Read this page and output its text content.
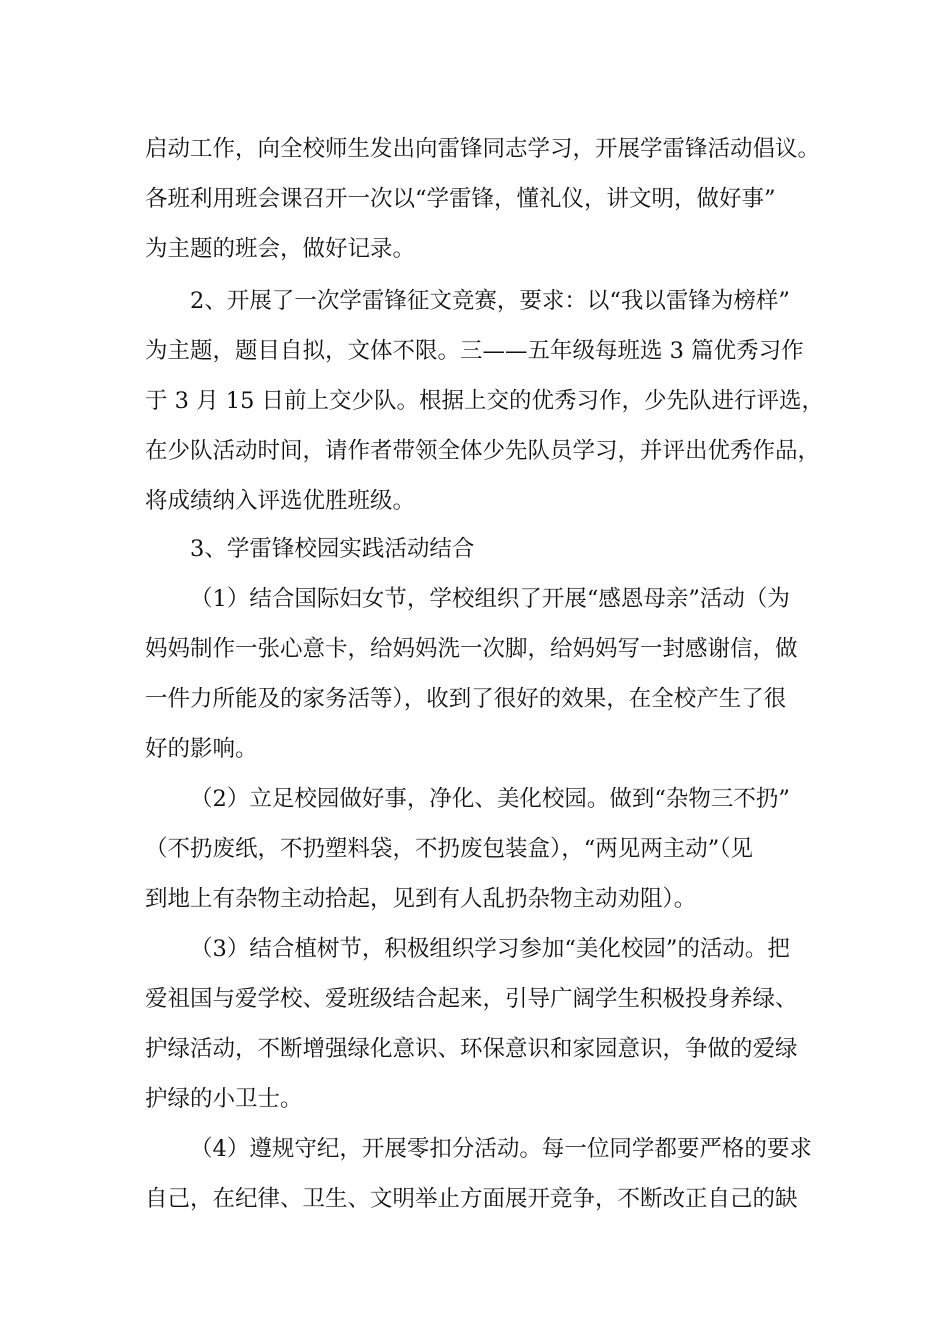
启动工作，向全校师生发出向雷锋同志学习，开展学雷锋活动倡议。
各班利用班会课召开一次以“学雷锋，懂礼仪，讲文明，做好事”
为主题的班会，做好记录。
2、开展了一次学雷锋征文竞赛，要求：以“我以雷锋为榜样”
为主题，题目自拟，文体不限。三——五年级每班选 3 篇优秀习作
于 3 月 15 日前上交少队。根据上交的优秀习作，少先队进行评选，
在少队活动时间，请作者带领全体少先队员学习，并评出优秀作品，
将成绩纳入评选优胜班级。
3、学雷锋校园实践活动结合
（1）结合国际妇女节，学校组织了开展“感恩母亲”活动（为
妈妈制作一张心意卡，给妈妈洗一次脚，给妈妈写一封感谢信，做
一件力所能及的家务活等），收到了很好的效果，在全校产生了很
好的影响。
（2）立足校园做好事，净化、美化校园。做到“杂物三不扔”
（不扔废纸，不扔塑料袋，不扔废包装盒），“两见两主动”（见
到地上有杂物主动拾起，见到有人乱扔杂物主动劝阻）。
（3）结合植树节，积极组织学习参加“美化校园”的活动。把
爱祖国与爱学校、爱班级结合起来，引导广阔学生积极投身养绿、
护绿活动，不断增强绿化意识、环保意识和家园意识，争做的爱绿
护绿的小卫士。
（4）遵规守纪，开展零扣分活动。每一位同学都要严格的要求
自己，在纪律、卫生、文明举止方面展开竞争，不断改正自己的缺
